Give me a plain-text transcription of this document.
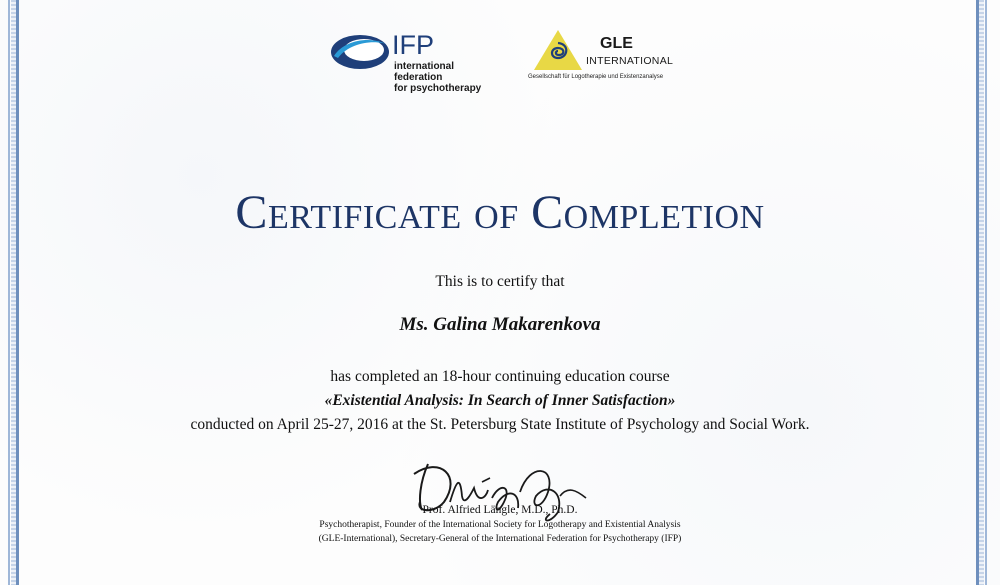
IFP
international federation
for psychotherapy
GLE
INTERNATIONAL
Gesellschaft für Logotherapie und Existenzanalyse
Certificate of Completion
This is to certify that
Ms. Galina Makarenkova
has completed an 18-hour continuing education course
«Existential Analysis: In Search of Inner Satisfaction»
conducted on April 25-27, 2016 at the St. Petersburg State Institute of Psychology and Social Work.
Prof. Alfried Längle, M.D., Ph.D.
Psychotherapist, Founder of the International Society for Logotherapy and Existential Analysis
(GLE-International), Secretary-General of the International Federation for Psychotherapy (IFP)
